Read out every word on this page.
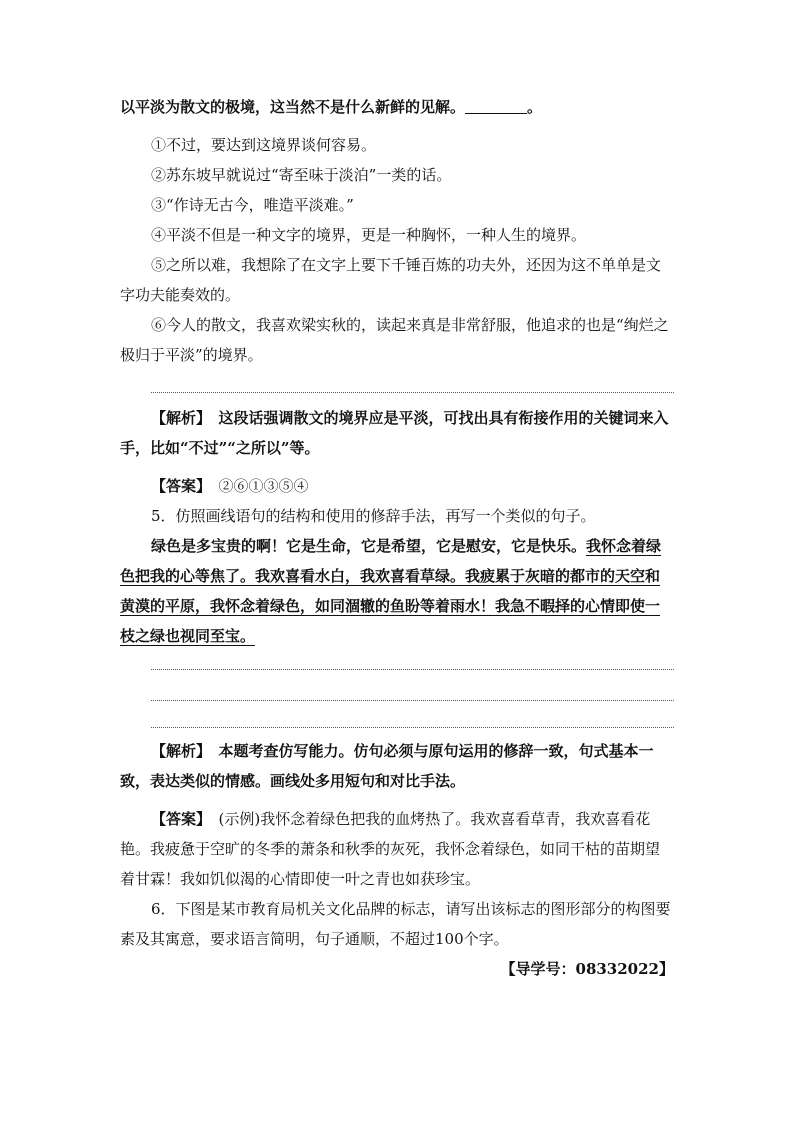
以平淡为散文的极境，这当然不是什么新鲜的见解。	。

①不过，要达到这境界谈何容易。

②苏东坡早就说过“寄至味于淡泊”一类的话。

③“作诗无古今，唯造平淡难。”

④平淡不但是一种文字的境界，更是一种胸怀，一种人生的境界。

⑤之所以难，我想除了在文字上要下千锤百炼的功夫外，还因为这不单单是文字功夫能奏效的。

⑥今人的散文，我喜欢梁实秋的，读起来真是非常舒服，他追求的也是“绚烂之极归于平淡”的境界。

【解析】　 这段话强调散文的境界应是平淡，可找出具有衔接作用的关键词来入手，比如“不过”“之所以”等。

【答案】　 ②⑥①③⑤④

5．仿照画线语句的结构和使用的修辞手法，再写一个类似的句子。

绿色是多宝贵的啊！它是生命，它是希望，它是慰安，它是快乐。我怀念着绿色把我的心等焦了。我欢喜看水白，我欢喜看草绿。我疲累于灰暗的都市的天空和黄漠的平原，我怀念着绿色，如同涸辙的鱼盼等着雨水！我急不暇择的心情即使一枝之绿也视同至宝。

【解析】　 本题考查仿写能力。仿句必须与原句运用的修辞一致，句式基本一致，表达类似的情感。画线处多用短句和对比手法。

【答案】　 (示例)我怀念着绿色把我的血烤热了。我欢喜看草青，我欢喜看花艳。我疲惫于空旷的冬季的萧条和秋季的灰死，我怀念着绿色，如同干枯的苗期望着甘霖！我如饥似渴的心情即使一叶之青也如获珍宝。

6．下图是某市教育局机关文化品牌的标志，请写出该标志的图形部分的构图要素及其寓意，要求语言简明，句子通顺，不超过100个字。

【导学号：08332022】
